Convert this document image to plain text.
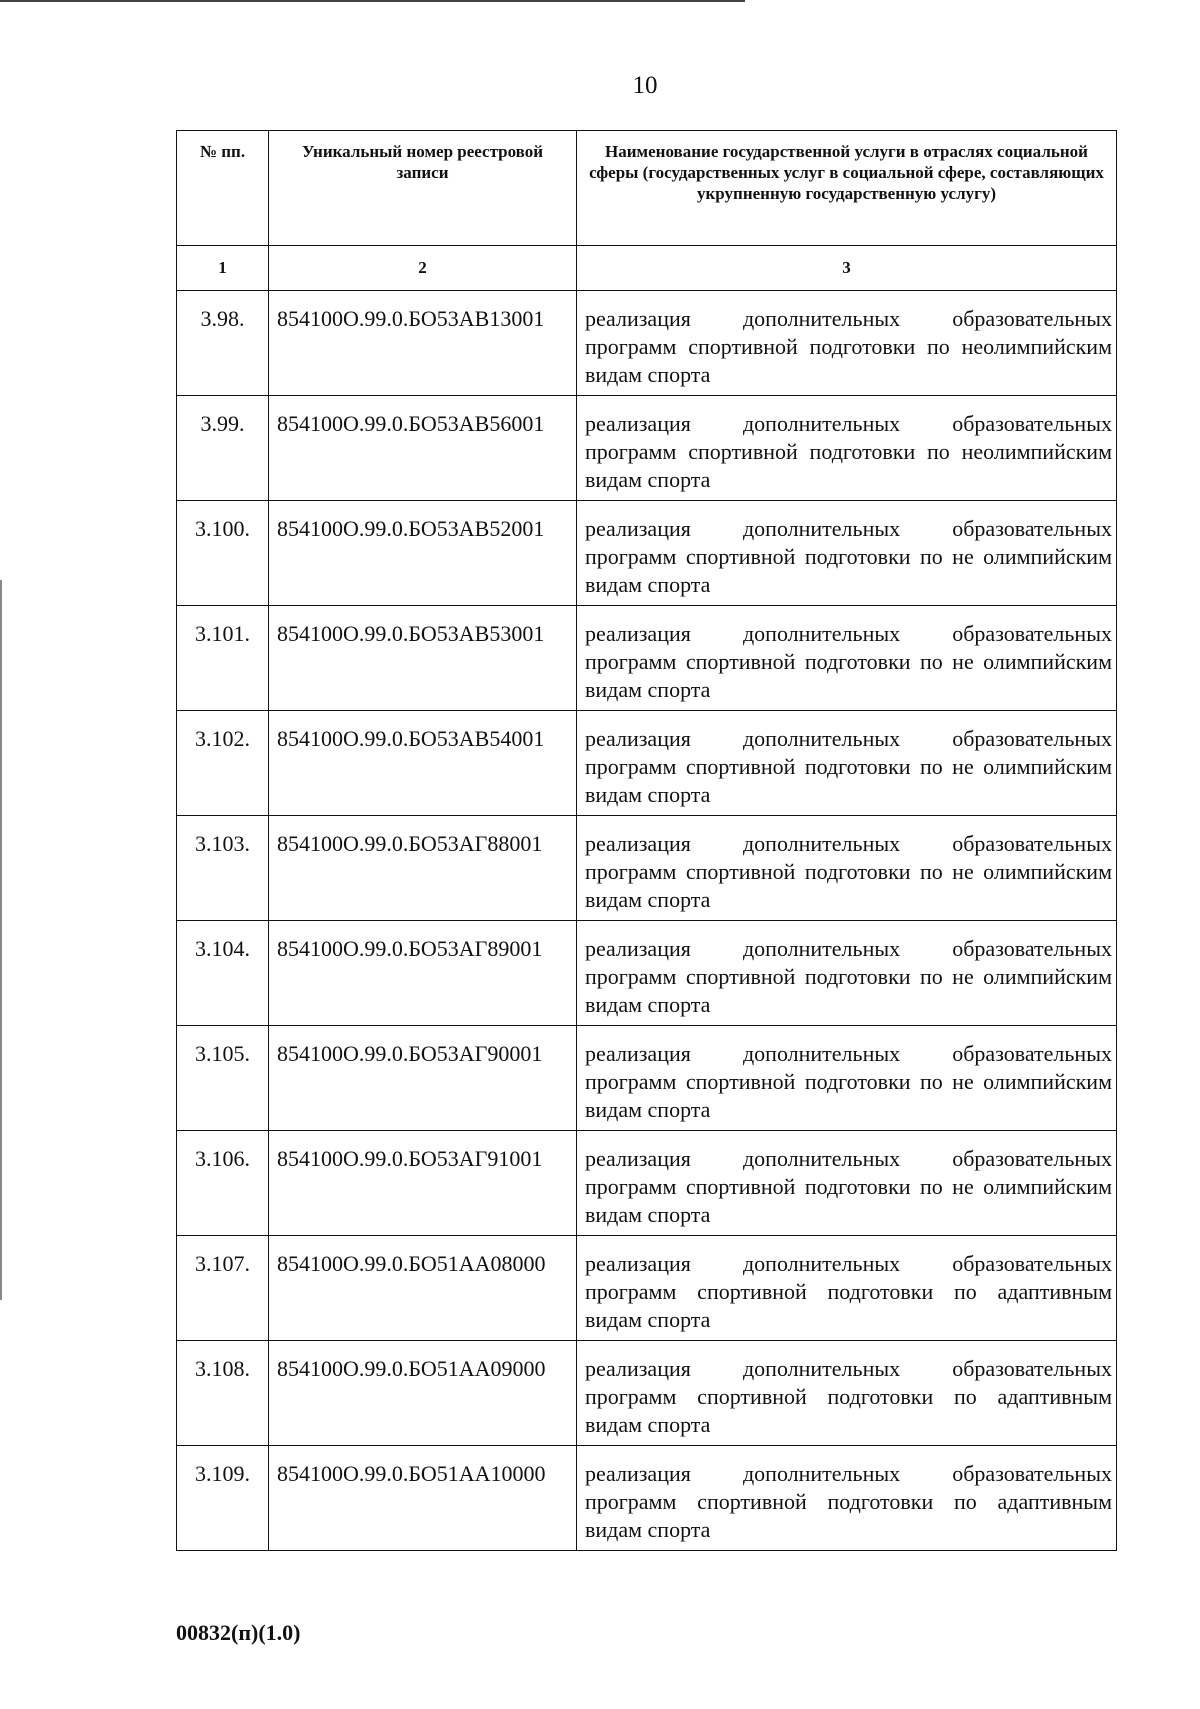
10
№ пп.	Уникальный номер реестровой записи	Наименование государственной услуги в отраслях социальной сферы (государственных услуг в социальной сфере, составляющих укрупненную государственную услугу)
1	2	3
3.98.	854100О.99.0.БО53АВ13001	реализация дополнительных образовательных программ спортивной подготовки по неолимпийским видам спорта
3.99.	854100О.99.0.БО53АВ56001	реализация дополнительных образовательных программ спортивной подготовки по неолимпийским видам спорта
3.100.	854100О.99.0.БО53АВ52001	реализация дополнительных образовательных программ спортивной подготовки по не олимпийским видам спорта
3.101.	854100О.99.0.БО53АВ53001	реализация дополнительных образовательных программ спортивной подготовки по не олимпийским видам спорта
3.102.	854100О.99.0.БО53АВ54001	реализация дополнительных образовательных программ спортивной подготовки по не олимпийским видам спорта
3.103.	854100О.99.0.БО53АГ88001	реализация дополнительных образовательных программ спортивной подготовки по не олимпийским видам спорта
3.104.	854100О.99.0.БО53АГ89001	реализация дополнительных образовательных программ спортивной подготовки по не олимпийским видам спорта
3.105.	854100О.99.0.БО53АГ90001	реализация дополнительных образовательных программ спортивной подготовки по не олимпийским видам спорта
3.106.	854100О.99.0.БО53АГ91001	реализация дополнительных образовательных программ спортивной подготовки по не олимпийским видам спорта
3.107.	854100О.99.0.БО51АА08000	реализация дополнительных образовательных программ спортивной подготовки по адаптивным видам спорта
3.108.	854100О.99.0.БО51АА09000	реализация дополнительных образовательных программ спортивной подготовки по адаптивным видам спорта
3.109.	854100О.99.0.БО51АА10000	реализация дополнительных образовательных программ спортивной подготовки по адаптивным видам спорта
00832(п)(1.0)
